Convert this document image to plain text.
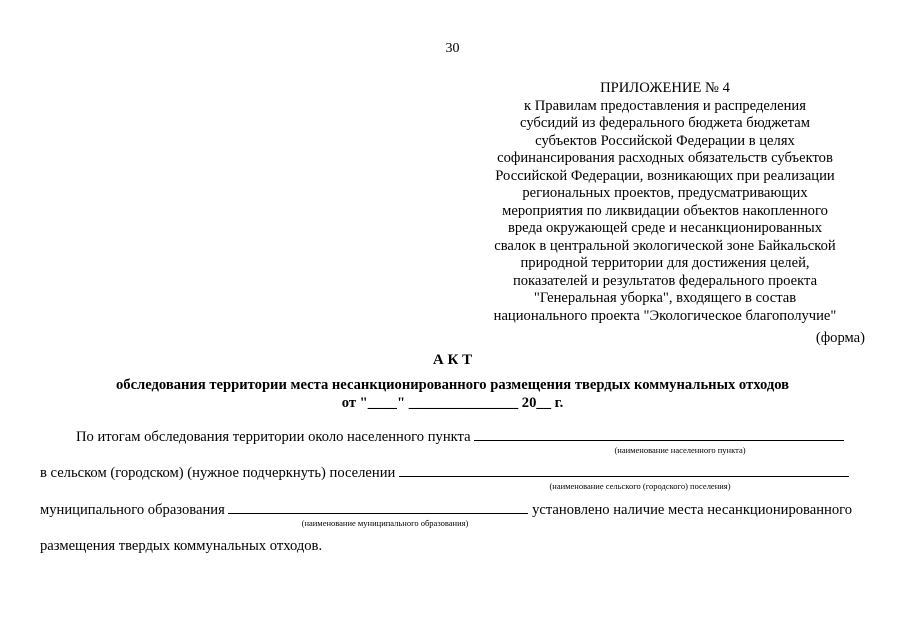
30
ПРИЛОЖЕНИЕ № 4
к Правилам предоставления и распределения
субсидий из федерального бюджета бюджетам
субъектов Российской Федерации в целях
софинансирования расходных обязательств субъектов
Российской Федерации, возникающих при реализации
региональных проектов, предусматривающих
мероприятия по ликвидации объектов накопленного
вреда окружающей среде и несанкционированных
свалок в центральной экологической зоне Байкальской
природной территории для достижения целей,
показателей и результатов федерального проекта
"Генеральная уборка", входящего в состав
национального проекта "Экологическое благополучие"
(форма)
А К Т
обследования территории места несанкционированного размещения твердых коммунальных отходов
от "____" _______________ 20__ г.
По итогам обследования территории около населенного пункта
(наименование населенного пункта)
в сельском (городском) (нужное подчеркнуть) поселении
(наименование сельского (городского) поселения)
муниципального образования	установлено наличие места несанкционированного
(наименование муниципального образования)
размещения твердых коммунальных отходов.
